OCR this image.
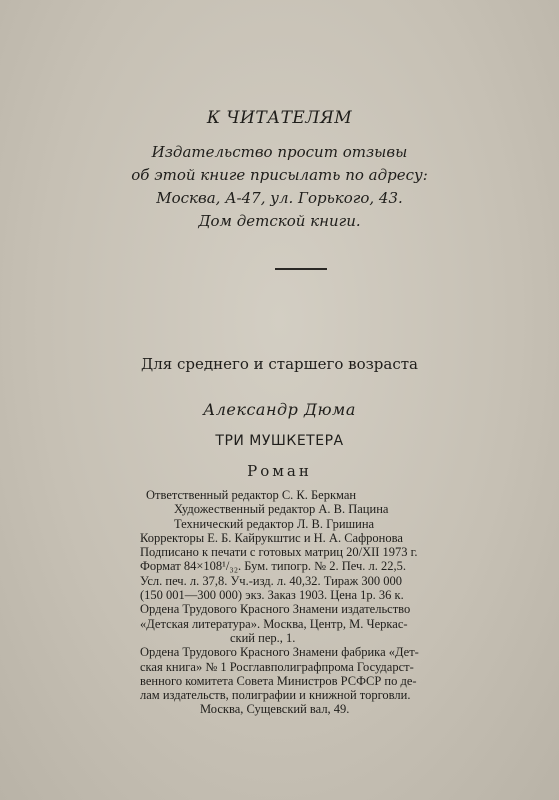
К ЧИТАТЕЛЯМ
Издательство просит отзывы
об этой книге присылать по адресу:
Москва, А-47, ул. Горького, 43.
Дом детской книги.
Для среднего и старшего возраста
Александр Дюма
ТРИ МУШКЕТЕРА
Роман
Ответственный редактор С. К. Беркман
Художественный редактор А. В. Пацина
Технический редактор Л. В. Гришина
Корректоры Е. Б. Кайрукштис и Н. А. Сафронова
Подписано к печати с готовых матриц 20/XII 1973 г.
Формат 84×108¹/₃₂. Бум. типогр. № 2. Печ. л. 22,5.
Усл. печ. л. 37,8. Уч.-изд. л. 40,32. Тираж 300 000
(150 001—300 000) экз. Заказ 1903. Цена 1р. 36 к.
Ордена Трудового Красного Знамени издательство
«Детская литература». Москва, Центр, М. Черкас-
ский пер., 1.
Ордена Трудового Красного Знамени фабрика «Дет-
ская книга» № 1 Росглавполиграфпрома Государст-
венного комитета Совета Министров РСФСР по де-
лам издательств, полиграфии и книжной торговли.
Москва, Сущевский вал, 49.
